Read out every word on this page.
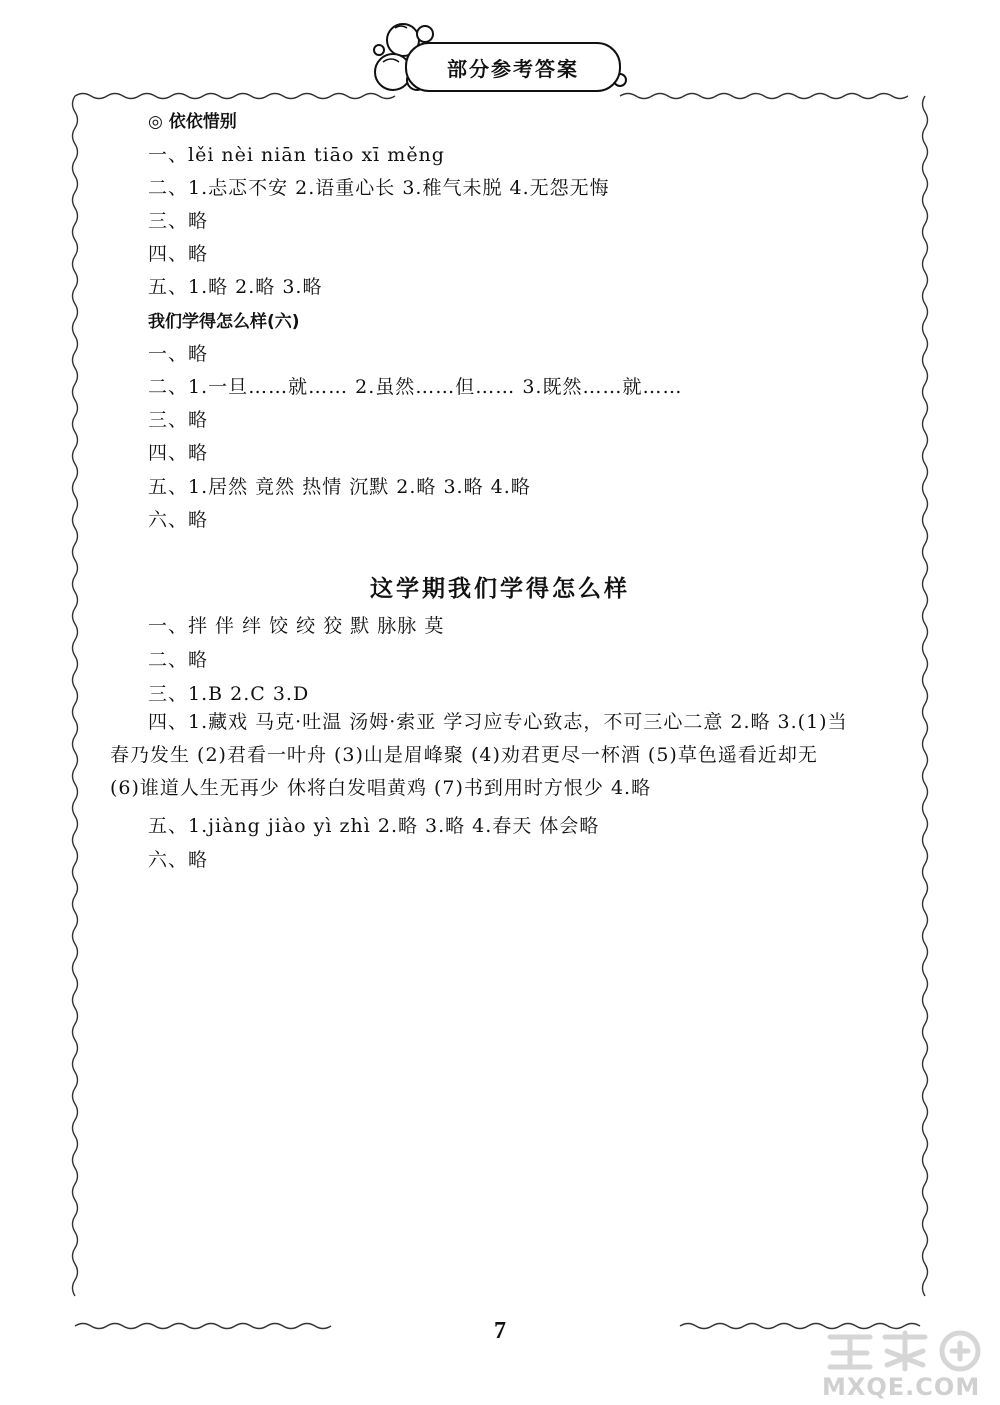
部分参考答案
◎ 依依惜别
一、lěi nèi niān tiāo xī měng
二、1.忐忑不安 2.语重心长 3.稚气未脱 4.无怨无悔
三、略
四、略
五、1.略 2.略 3.略
我们学得怎么样(六)
一、略
二、1.一旦……就…… 2.虽然……但…… 3.既然……就……
三、略
四、略
五、1.居然 竟然 热情 沉默 2.略 3.略 4.略
六、略
这学期我们学得怎么样
一、拌 伴 绊 饺 绞 狡 默 脉脉 莫
二、略
三、1.B 2.C 3.D
四、1.藏戏 马克·吐温 汤姆·索亚 学习应专心致志，不可三心二意 2.略 3.(1)当
春乃发生 (2)君看一叶舟 (3)山是眉峰聚 (4)劝君更尽一杯酒 (5)草色遥看近却无
(6)谁道人生无再少 休将白发唱黄鸡 (7)书到用时方恨少 4.略
五、1.jiàng jiào yì zhì 2.略 3.略 4.春天 体会略
六、略
7
MXQE.COM
